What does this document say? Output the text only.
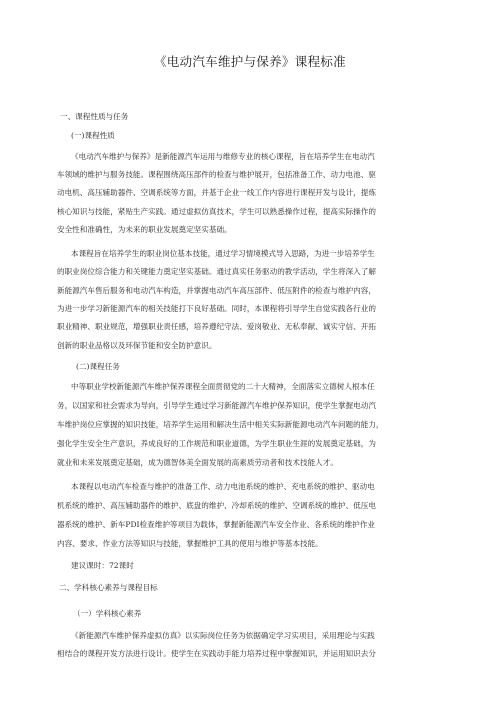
《电动汽车维护与保养》课程标准
一、课程性质与任务
(一)课程性质
《电动汽车维护与保养》是新能源汽车运用与维修专业的核心课程，旨在培养学生在电动汽
车领域的维护与服务技能。课程围绕高压部件的检查与维护展开，包括准备工作、动力电池、驱
动电机、高压辅助器件、空调系统等方面，并基于企业一线工作内容进行课程开发与设计，提炼
核心知识与技能，紧贴生产实践。通过虚拟仿真技术，学生可以熟悉操作过程，提高实际操作的
安全性和准确性，为未来的职业发展奠定坚实基础。
本课程旨在培养学生的职业岗位基本技能，通过学习情境模式导入思路，为进一步培养学生
的职业岗位综合能力和关键能力奠定坚实基础。通过真实任务驱动的教学活动，学生将深入了解
新能源汽车售后服务和电动汽车构造，并掌握电动汽车高压部件、低压附件的检查与维护内容，
为进一步学习新能源汽车的相关技能打下良好基础。同时，本课程将引导学生自觉实践各行业的
职业精神、职业规范，增强职业责任感，培养遵纪守法、爱岗敬业、无私奉献、诚实守信、开拓
创新的职业品格以及环保节能和安全防护意识。
(二)课程任务
中等职业学校新能源汽车维护保养课程全面贯彻党的二十大精神，全面落实立德树人根本任
务，以国家和社会需求为导向，引导学生通过学习新能源汽车维护保养知识，使学生掌握电动汽
车维护岗位应掌握的知识技能，培养学生运用和解决生活中相关实际新能源电动汽车问题的能力，
强化学生安全生产意识，养成良好的工作规范和职业道德，为学生职业生涯的发展奠定基础，为
就业和未来发展奠定基础，成为德智体美全面发展的高素质劳动者和技术技能人才。
本课程以电动汽车检查与维护的准备工作、动力电池系统的维护、充电系统的维护、驱动电
机系统的维护、高压辅助器件的维护、底盘的维护、冷却系统的维护、空调系统的维护、低压电
器系统的维护、新车PDI检查维护等项目为载体，掌握新能源汽车安全作业、各系统的维护作业
内容、要求、作业方法等知识与技能，掌握维护工具的使用与维护等基本技能。
建议课时：72课时
二、学科核心素养与课程目标
（一）学科核心素养
《新能源汽车维护保养虚拟仿真》以实际岗位任务为依据确定学习实项目，采用理论与实践
相结合的课程开发方法进行设计。使学生在实践动手能力培养过程中掌握知识，并运用知识去分
